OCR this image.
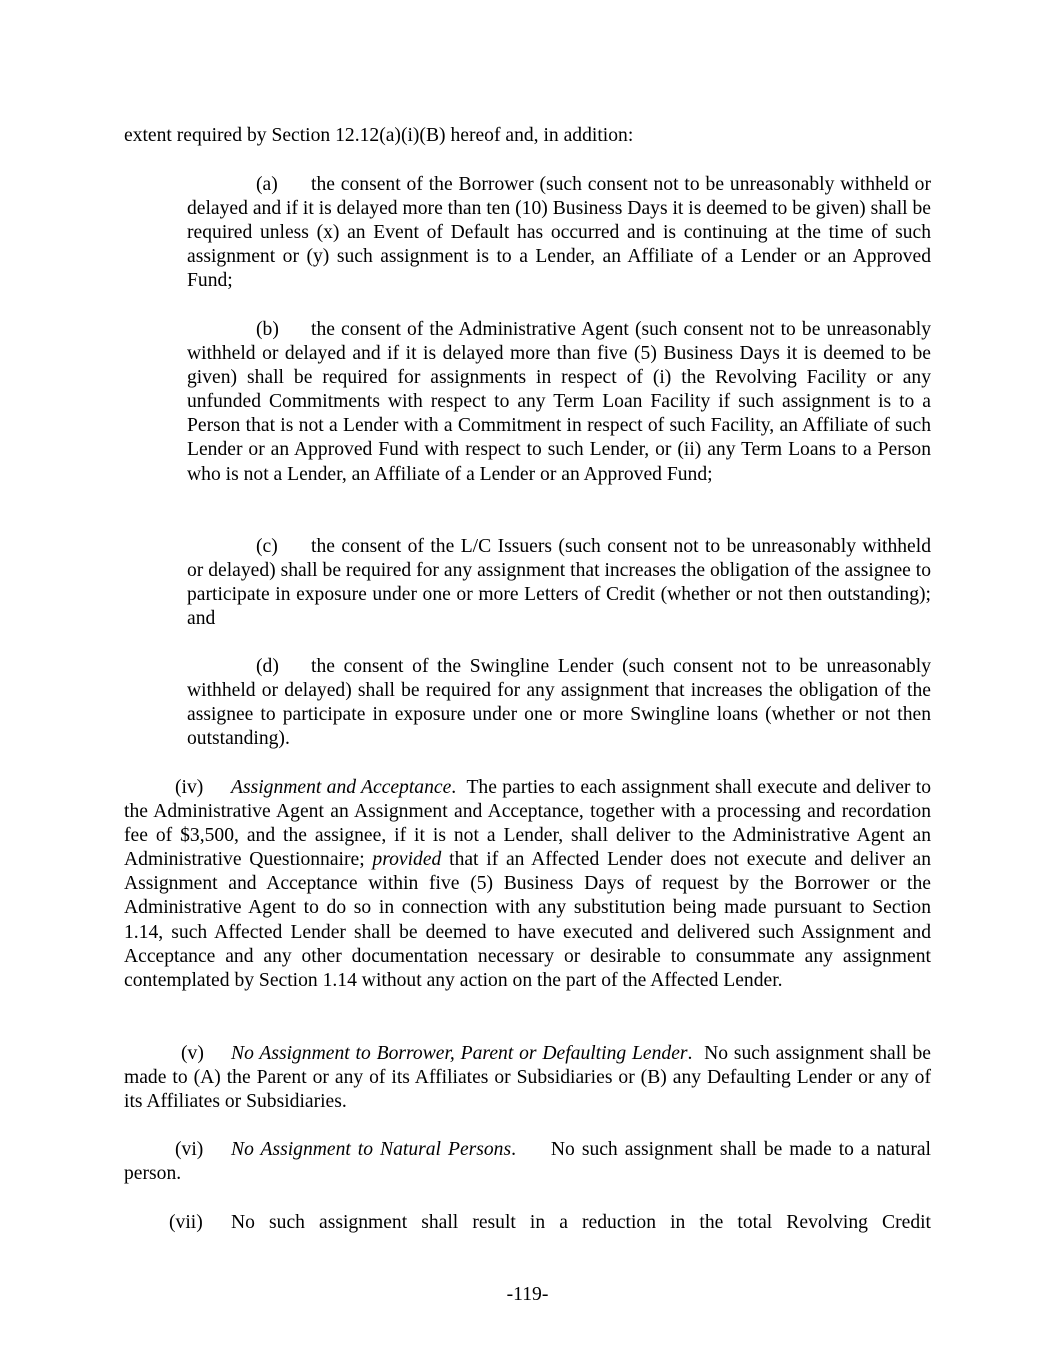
extent required by Section 12.12(a)(i)(B) hereof and, in addition:
(a) the consent of the Borrower (such consent not to be unreasonably withheld or delayed and if it is delayed more than ten (10) Business Days it is deemed to be given) shall be required unless (x) an Event of Default has occurred and is continuing at the time of such assignment or (y) such assignment is to a Lender, an Affiliate of a Lender or an Approved Fund;
(b) the consent of the Administrative Agent (such consent not to be unreasonably withheld or delayed and if it is delayed more than five (5) Business Days it is deemed to be given) shall be required for assignments in respect of (i) the Revolving Facility or any unfunded Commitments with respect to any Term Loan Facility if such assignment is to a Person that is not a Lender with a Commitment in respect of such Facility, an Affiliate of such Lender or an Approved Fund with respect to such Lender, or (ii) any Term Loans to a Person who is not a Lender, an Affiliate of a Lender or an Approved Fund;
(c) the consent of the L/C Issuers (such consent not to be unreasonably withheld or delayed) shall be required for any assignment that increases the obligation of the assignee to participate in exposure under one or more Letters of Credit (whether or not then outstanding); and
(d) the consent of the Swingline Lender (such consent not to be unreasonably withheld or delayed) shall be required for any assignment that increases the obligation of the assignee to participate in exposure under one or more Swingline loans (whether or not then outstanding).
(iv) Assignment and Acceptance.  The parties to each assignment shall execute and deliver to the Administrative Agent an Assignment and Acceptance, together with a processing and recordation fee of $3,500, and the assignee, if it is not a Lender, shall deliver to the Administrative Agent an Administrative Questionnaire; provided that if an Affected Lender does not execute and deliver an Assignment and Acceptance within five (5) Business Days of request by the Borrower or the Administrative Agent to do so in connection with any substitution being made pursuant to Section 1.14, such Affected Lender shall be deemed to have executed and delivered such Assignment and Acceptance and any other documentation necessary or desirable to consummate any assignment contemplated by Section 1.14 without any action on the part of the Affected Lender.
(v) No Assignment to Borrower, Parent or Defaulting Lender.  No such assignment shall be made to (A) the Parent or any of its Affiliates or Subsidiaries or (B) any Defaulting Lender or any of its Affiliates or Subsidiaries.
(vi) No Assignment to Natural Persons.     No such assignment shall be made to a natural person.
(vii) No such assignment shall result in a reduction in the total Revolving Credit
-119-
